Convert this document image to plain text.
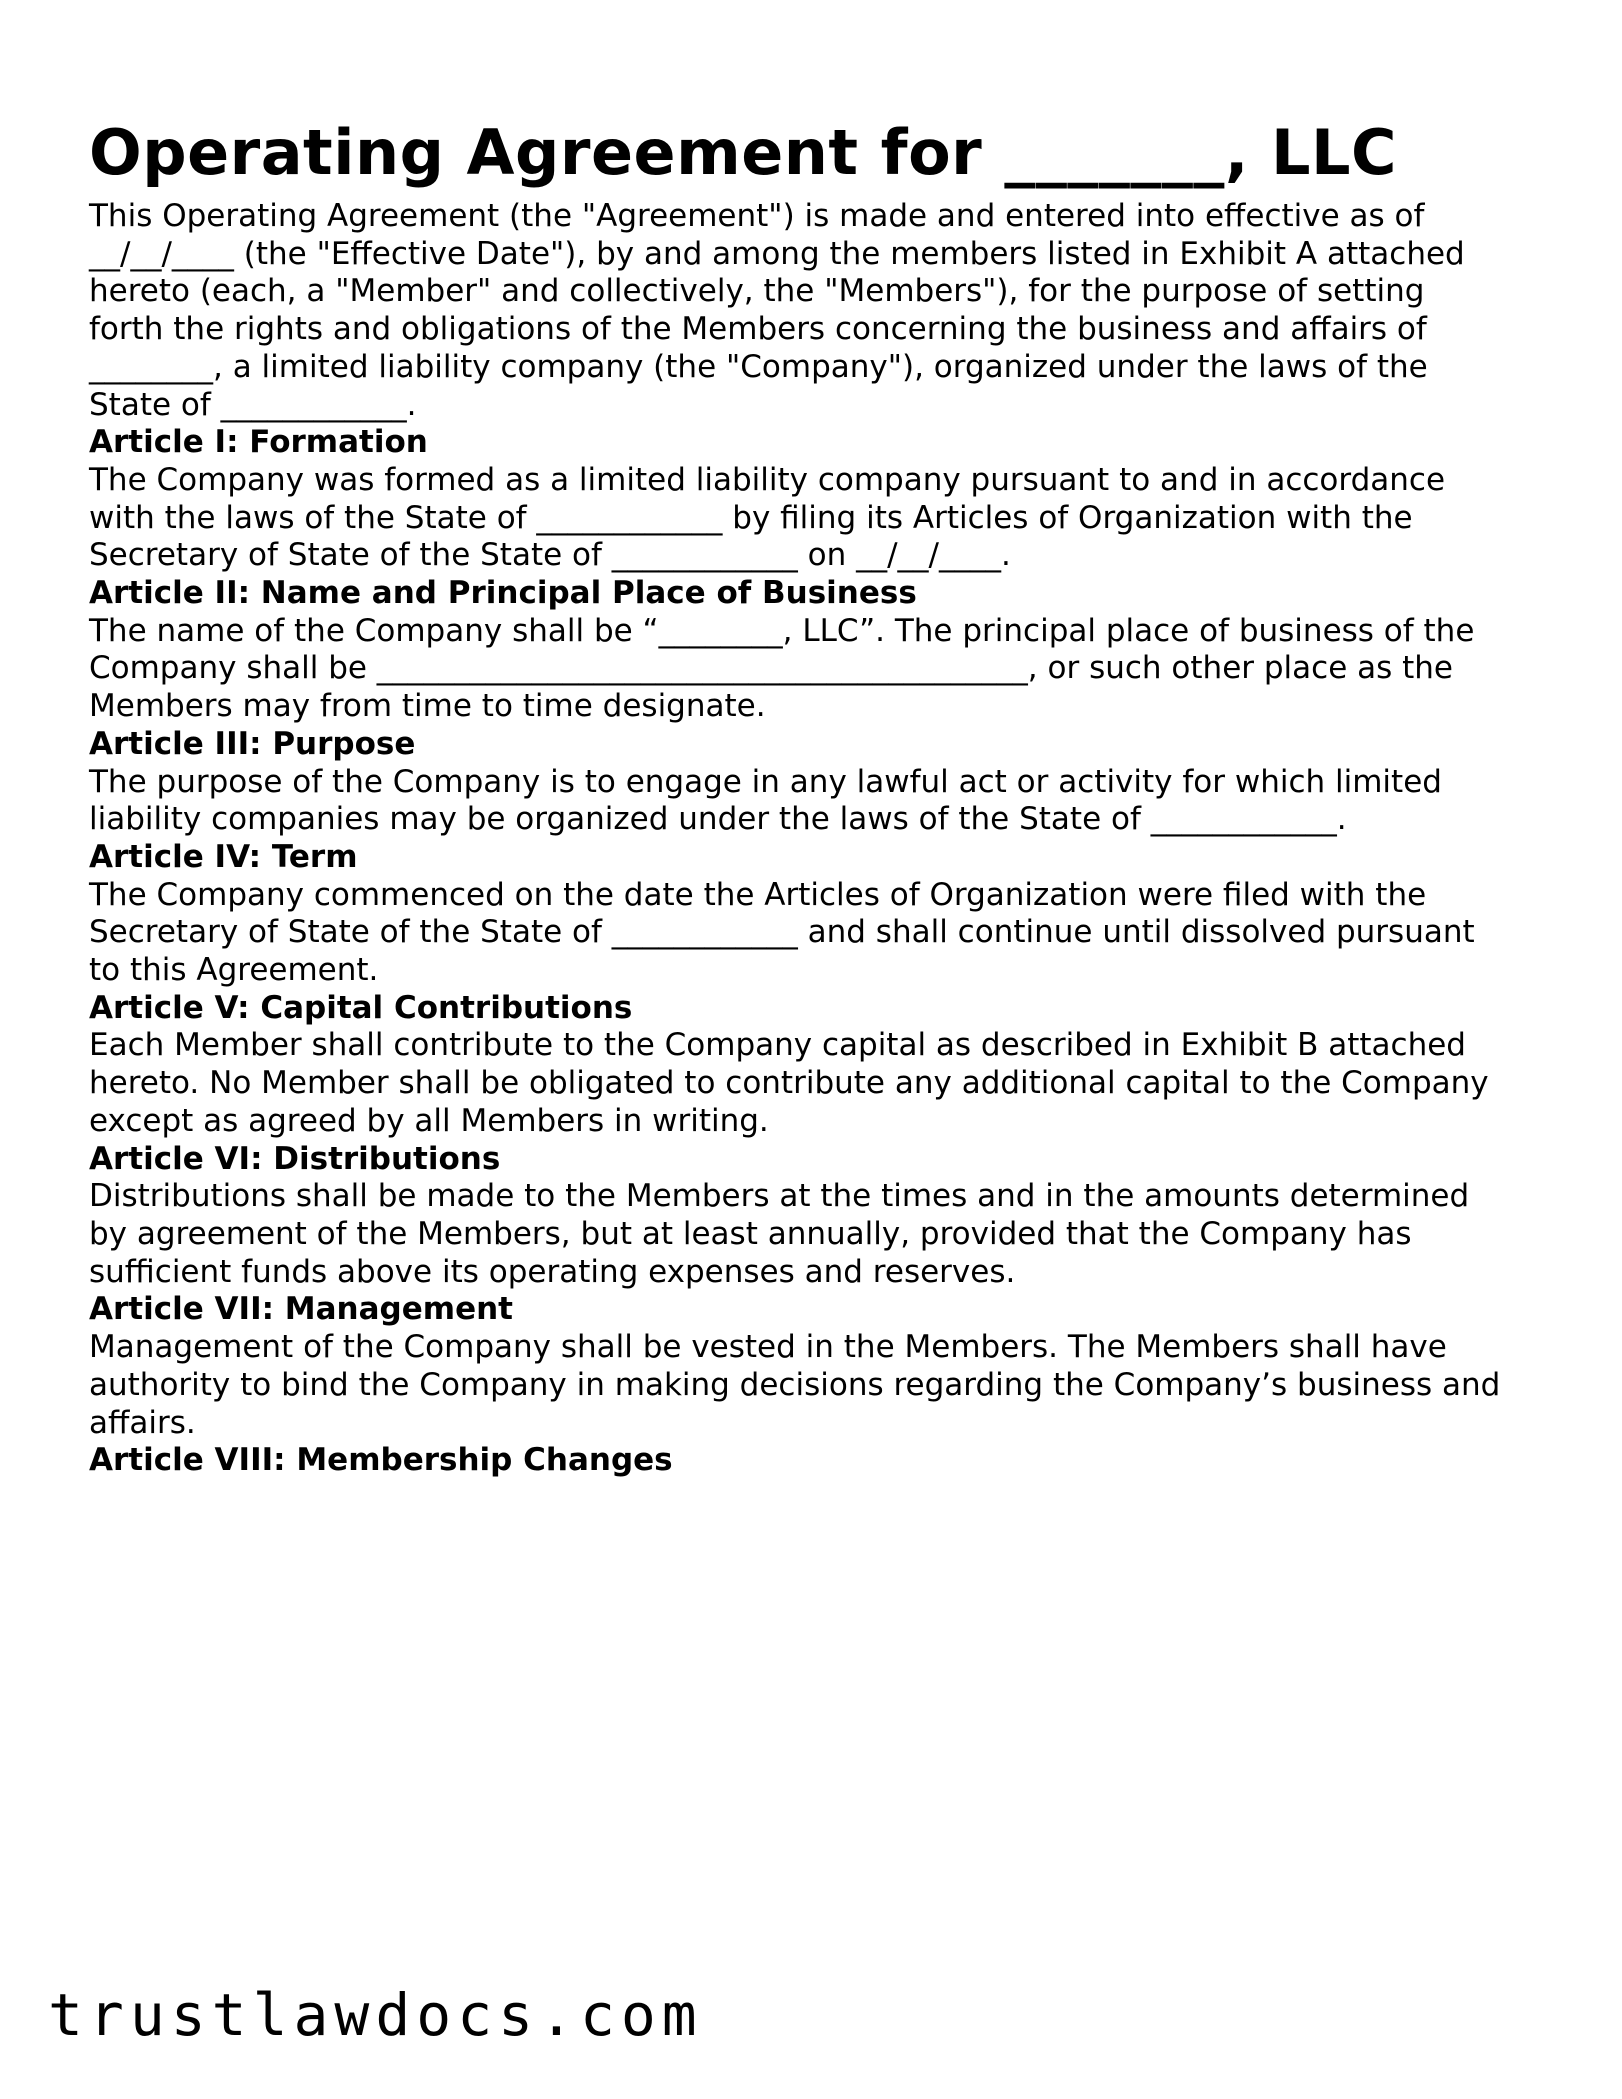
Operating Agreement for _______, LLC

This Operating Agreement (the "Agreement") is made and entered into effective as of
__/__/____ (the "Effective Date"), by and among the members listed in Exhibit A attached
hereto (each, a "Member" and collectively, the "Members"), for the purpose of setting
forth the rights and obligations of the Members concerning the business and affairs of
________, a limited liability company (the "Company"), organized under the laws of the
State of ____________.

Article I: Formation

The Company was formed as a limited liability company pursuant to and in accordance
with the laws of the State of ____________ by filing its Articles of Organization with the
Secretary of State of the State of ____________ on __/__/____.

Article II: Name and Principal Place of Business

The name of the Company shall be “________, LLC”. The principal place of business of the
Company shall be __________________________________________, or such other place as the
Members may from time to time designate.

Article III: Purpose

The purpose of the Company is to engage in any lawful act or activity for which limited
liability companies may be organized under the laws of the State of ____________.

Article IV: Term

The Company commenced on the date the Articles of Organization were filed with the
Secretary of State of the State of ____________ and shall continue until dissolved pursuant
to this Agreement.

Article V: Capital Contributions

Each Member shall contribute to the Company capital as described in Exhibit B attached
hereto. No Member shall be obligated to contribute any additional capital to the Company
except as agreed by all Members in writing.

Article VI: Distributions

Distributions shall be made to the Members at the times and in the amounts determined
by agreement of the Members, but at least annually, provided that the Company has
sufficient funds above its operating expenses and reserves.

Article VII: Management

Management of the Company shall be vested in the Members. The Members shall have
authority to bind the Company in making decisions regarding the Company’s business and
affairs.

Article VIII: Membership Changes
trustlawdocs.com
